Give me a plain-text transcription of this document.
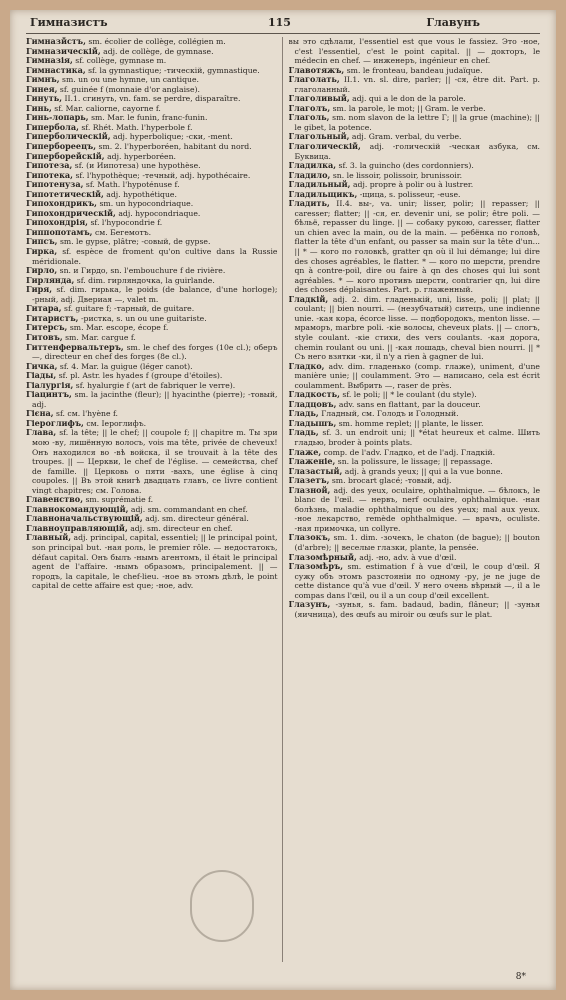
Гимназистъ	115	Главунъ

Гимназйстъ, sm. écolier de collège, collégien m.

Гимназическій, adj. de collège, de gymnase.

Гимназія, sf. collège, gymnase m.

Гимнастика, sf. la gymnastique; -тическій, gymnastique.

Гимнъ, sm. un ou une hymne, un cantique.

Гинея, sf. guinée f (monnaie d'or anglaise).

Гинуть, II.1. сгинуть, vn. fam. se perdre, disparaître.

Гинь, sf. Mar. caliorne, cayorne f.

Гинь-лопарь, sm. Mar. le funin, franc-funin.

Гипербола, sf. Rhét. Math. l'hyperbole f.

Гиперболическій, adj. hyperbolique; -ски, -ment.

Гипербореецъ, sm. 2. l'hyperboréen, habitant du nord.

Гиперборейскій, adj. hyperboréen.

Гипотеза, sf. (и Иипотеза) une hypothèse.

Гипотека, sf. l'hypothèque; -течный, adj. hypothécaire.

Гипотенуза, sf. Math. l'hypoténuse f.

Гипотетическій, adj. hypothétique.

Гипохондрикъ, sm. un hypocondriaque.

Гипохондрическій, adj. hypocondriaque.

Гипохондрія, sf. l'hypocondrie f.

Гиппопотамъ, см. Бегемотъ.

Гипсъ, sm. le gypse, plâtre; -совый, de gypse.

Гирка, sf. espèce de froment qu'on cultive dans la Russie méridionale.

Гирло, sn. и Гирдо, sn. l'embouchure f de rivière.

Гирлянда, sf. dim. гирляндочка, la guirlande.

Гиря, sf. dim. гирька, le poids (de balance, d'une horloge); -рный, adj. Двериая —, valet m.

Гитара, sf. guitare f; -тарный, de guitare.

Гитаристъ, -ристка, s. un ou une guitariste.

Гитерсъ, sm. Mar. escope, écope f.

Гитовъ, sm. Mar. cargue f.

Гиттенфервальтеръ, sm. le chef des forges (10e cl.); оберъ —, directeur en chef des forges (8e cl.).

Гичка, sf. 4. Mar. la guigue (léger canot).

Гіады, sf. pl. Astr. les hyades f (groupe d'étoiles).

Гіалургія, sf. hyalurgie f (art de fabriquer le verre).

Гіацинтъ, sm. la jacinthe (fleur); || hyacinthe (pierre); -товый, adj.

Гієна, sf. см. l'hyène f.

Гіероглифъ, см. Іероглифъ.

Глава, sf. la tête; || le chef; || coupole f; || chapitre m. Ты зри мою -ву, лишённую волосъ, vois ma tête, privée de cheveux! Онъ находился во -вѣ войска, il se trouvait à la tête des troupes. || — Церкви, le chef de l'église. — семейства, chef de famille. || Церковь о пяти -вахъ, une église à cinq coupoles. || Въ этой книгѣ двадцать главъ, ce livre contient vingt chapitres; см. Голова.

Главенство, sm. suprématie f.

Главнокомандующій, adj. sm. commandant en chef.

Главноначальствующій, adj. sm. directeur général.

Главноуправляющій, adj. sm. directeur en chef.

Главный, adj. principal, capital, essentiel; || le principal point, son principal but. -ная роль, le premier rôle. — недостатокъ, défaut capital. Онъ былъ -нымъ агентомъ, il était le principal agent de l'affaire. -нымъ образомъ, principalement. || — городъ, la capitale, le chef-lieu. -ное въ этомъ дѣлѣ, le point capital de cette affaire est que; -ное, adv.

вы это сдѣлали, l'essentiel est que vous le fassiez. Это -ное, c'est l'essentiel, c'est le point capital. || — докторъ, le médecin en chef. — инженеръ, ingénieur en chef.

Главотяжъ, sm. le fronteau, bandeau judaïque.

Глаголать, II.1. vn. sl. dire, parler; || -ся, être dit. Part. p. глаголанный.

Глаголивый, adj. qui a le don de la parole.

Глаголъ, sm. la parole, le mot; || Gram. le verbe.

Глаголь, sm. nom slavon de la lettre Г; || la grue (machine); || le gibet, la potence.

Глагольный, adj. Gram. verbal, du verbe.

Глаголическій, adj. -голическій -ческая азбука, см. Буквица.

Гладилка, sf. 3. la guincho (des cordonniers).

Гладило, sn. le lissoir, polissoir, brunissoir.

Гладильный, adj. propre à polir ou à lustrer.

Гладильщикъ, -щица, s. polisseur, -euse.

Гладить, II.4. вы-, va. unir; lisser, polir; || repasser; || caresser; flatter; || -ся, er. devenir uni, se polir; être poli. — бѣльё, repasser du linge. || — собаку рукою, caresser, flatter un chien avec la main, ou de la main. — ребёнка по головѣ, flatter la tête d'un enfant, ou passer sa main sur la tête d'un... || * — кого по головкѣ, gratter qn où il lui démange; lui dire des choses agréables, le flatter. * — кого по шерсти, prendre qn à contre-poil, dire ou faire à qn des choses qui lui sont agréables. * — кого противъ шерсти, contrarier qn, lui dire des choses déplaisantes. Part. p. глаженный.

Гладкій, adj. 2. dim. гладенькій, uni, lisse, poli; || plat; || coulant; || bien nourri. — (незубчатый) ситецъ, une indienne unie. -кая кора, écorce lisse. — подбородокъ, menton lisse. — мраморъ, marbre poli. -кіе волосы, cheveux plats. || — слогъ, style coulant. -кіе стихи, des vers coulants. -кая дорога, chemin roulant ou uni. || -кая лошадь, cheval bien nourri. || * Съ него взятки -ки, il n'y a rien à gagner de lui.

Гладко, adv. dim. гладенько (comp. глаже), uniment, d'une manière unie; || coulamment. Это — написано, cela est écrit coulamment. Выбрить —, raser de près.

Гладкость, sf. le poli; || * le coulant (du style).

Гладцовъ, adv. sans en flattant, par la douceur.

Гладь, Гладный, см. Голодъ и Голодный.

Гладышъ, sm. homme replet; || plante, le lisser.

Гладь, sf. 3. un endroit uni; || *état heureux et calme. Шить гладью, broder à points plats.

Глаже, comp. de l'adv. Гладко, et de l'adj. Гладкій.

Глаженіе, sn. la polissure, le lissage; || repassage.

Глазастый, adj. à grands yeux; || qui a la vue bonne.

Глазетъ, sm. brocart glacé; -товый, adj.

Глазной, adj. des yeux, oculaire, ophthalmique. — бѣлокъ, le blanc de l'œil. — нервъ, nerf oculaire, ophthalmique. -ная болѣзнь, maladie ophthalmique ou des yeux; mal aux yeux. -ное лекарство, remède ophthalmique. — врачъ, oculiste. -ная примочка, un collyre.

Глазокъ, sm. 1. dim. -зочекъ, le chaton (de bague); || bouton (d'arbre); || веселые глазки, plante, la pensée.

Глазомѣрный, adj. -но, adv. à vue d'œil.

Глазомѣръ, sm. estimation f à vue d'œil, le coup d'œil. Я сужу объ этомъ разстояніи по одному -ру, je ne juge de cette distance qu'à vue d'œil. У него очень вѣрный —, il a le compas dans l'œil, ou il a un coup d'œil excellent.

Глазунъ, -зунья, s. fam. badaud, badin, flâneur; || -зунья (яичница), des œufs au miroir ou œufs sur le plat.

8*
